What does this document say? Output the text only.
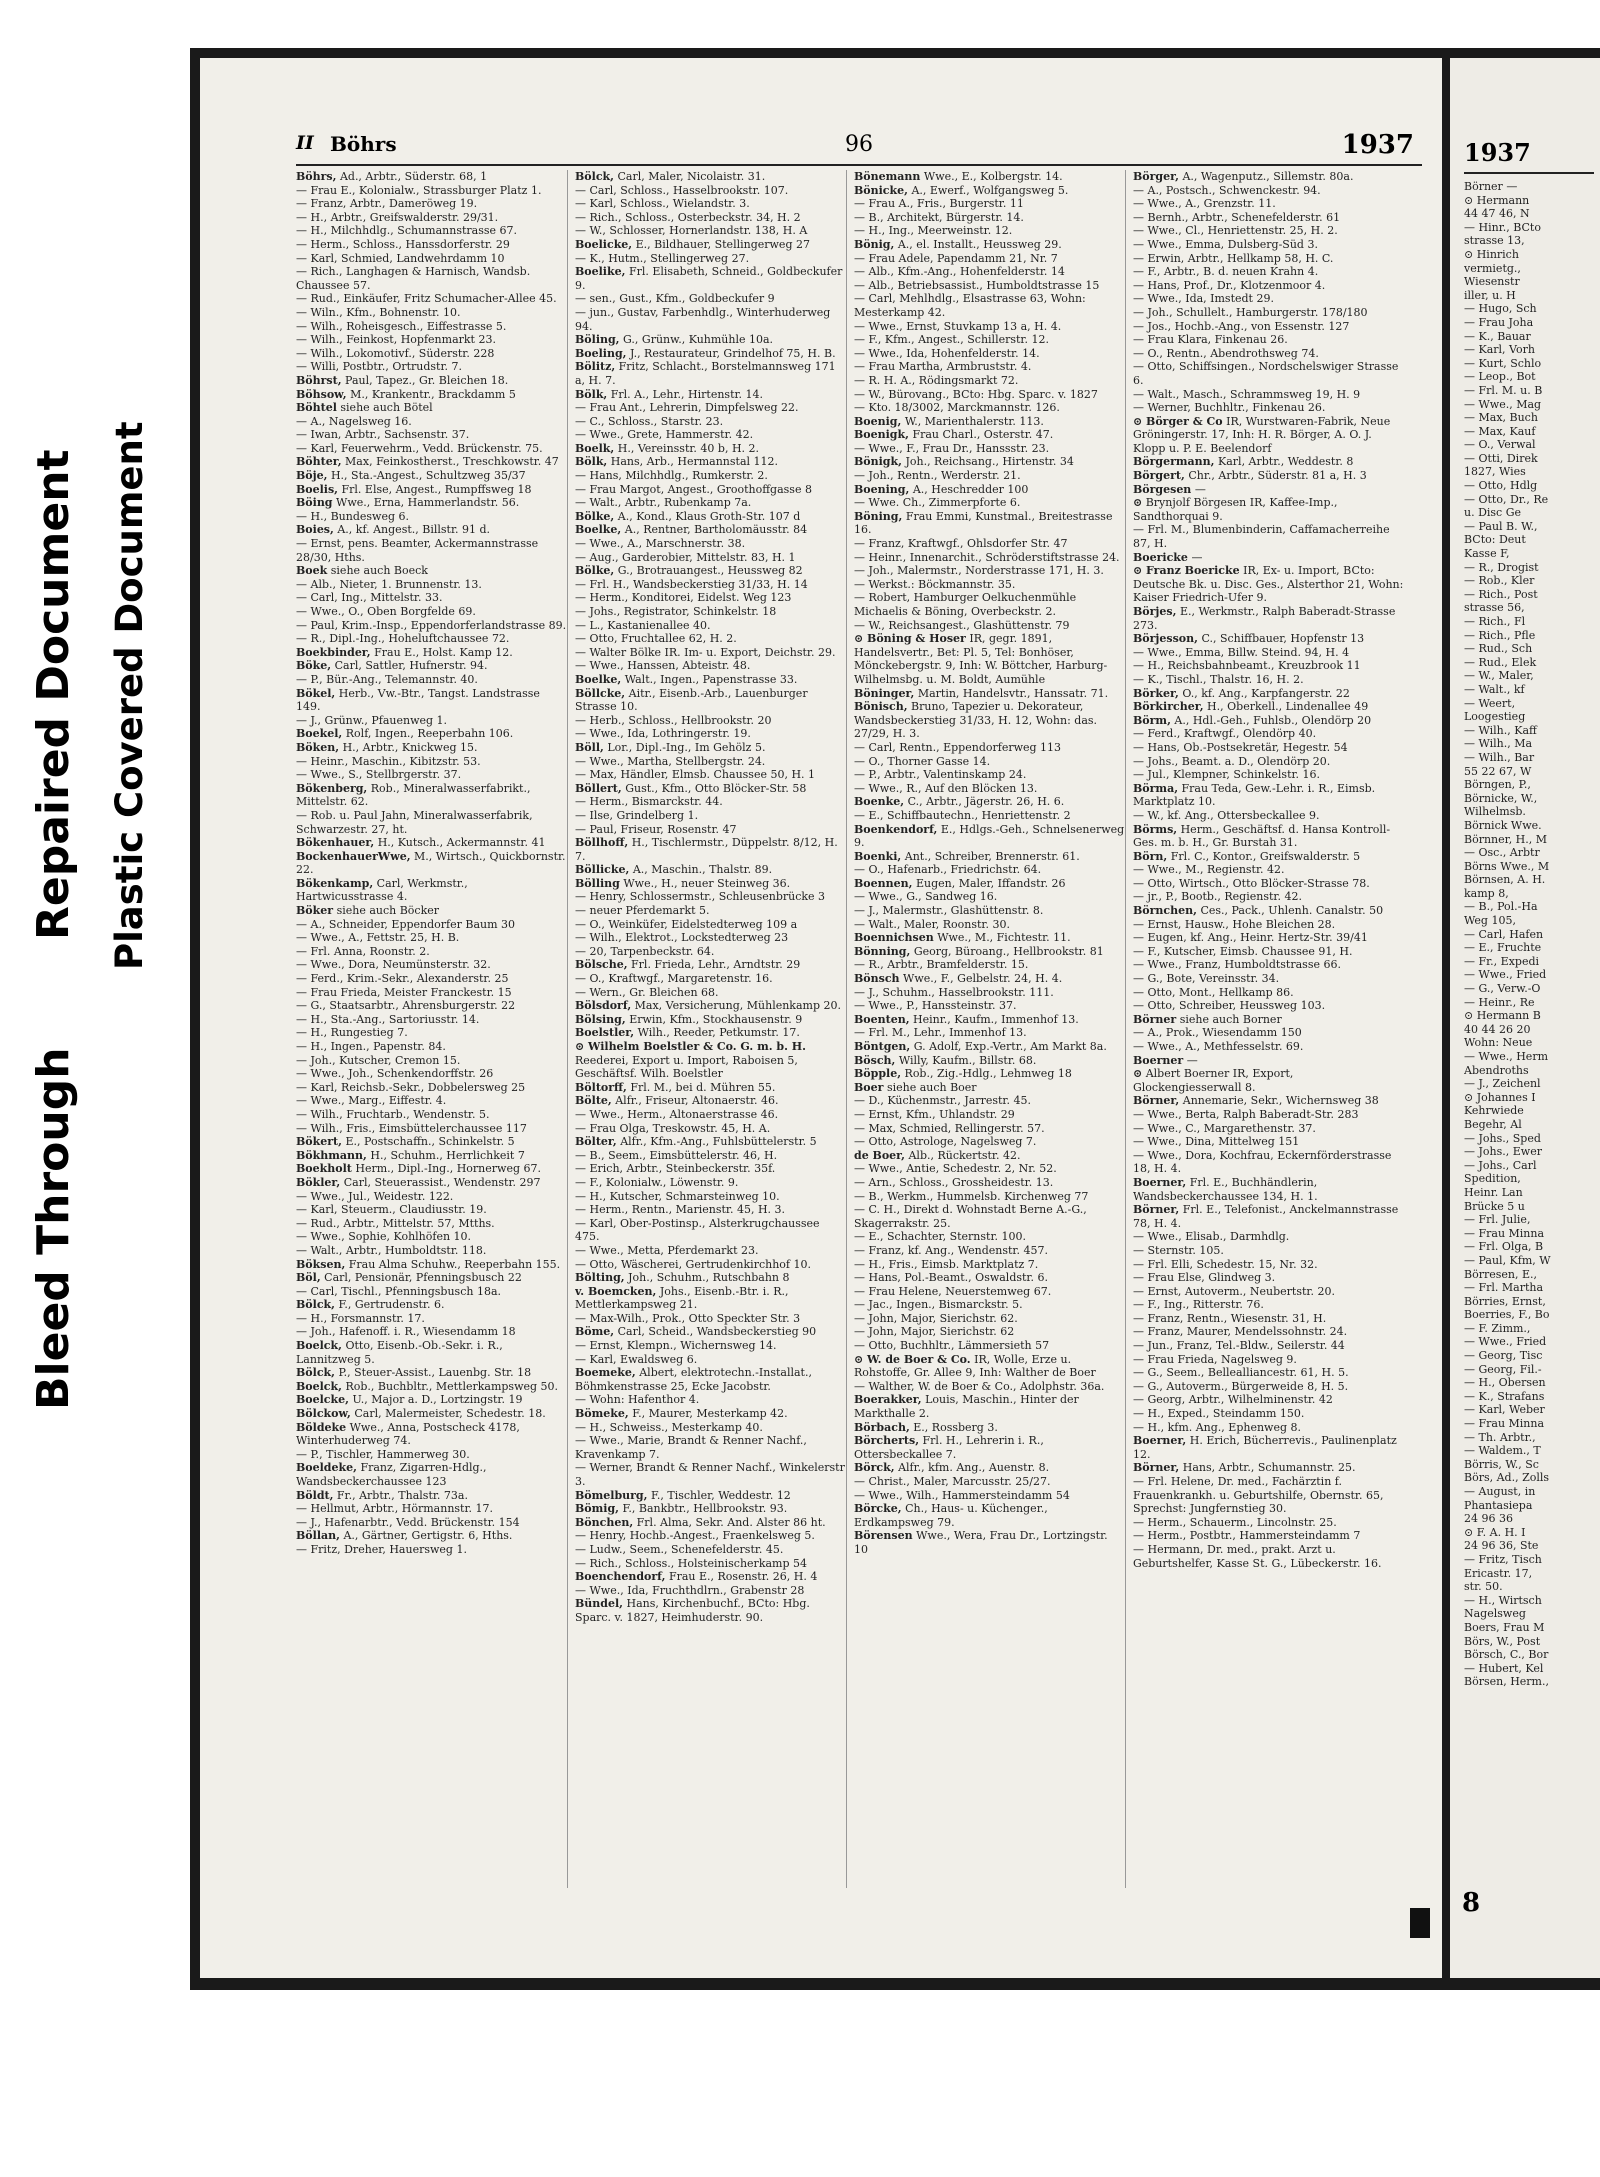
Bleed Through
Repaired Document Plastic Covered Document
II Böhrs	96	1937
Böhrs, Ad., Arbtr., Süderstr. 68, 1
— Frau E., Kolonialw., Strassburger Platz 1.
— Franz, Arbtr., Dameröweg 19.
— H., Arbtr., Greifswalderstr. 29/31.
— H., Milchhdlg., Schumannstrasse 67.
— Herm., Schloss., Hanssdorferstr. 29
— Karl, Schmied, Landwehrdamm 10
— Rich., Langhagen & Harnisch, Wandsb. Chaussee 57.
— Rud., Einkäufer, Fritz Schumacher-Allee 45.
— Wiln., Kfm., Bohnenstr. 10.
— Wilh., Roheisgesch., Eiffestrasse 5.
— Wilh., Feinkost, Hopfenmarkt 23.
— Wilh., Lokomotivf., Süderstr. 228
— Willi, Postbtr., Ortrudstr. 7.
Böhrst, Paul, Tapez., Gr. Bleichen 18.
Böhsow, M., Krankentr., Brackdamm 5
Böhtel siehe auch Bötel
— A., Nagelsweg 16.
— Iwan, Arbtr., Sachsenstr. 37.
— Karl, Feuerwehrm., Vedd. Brückenstr. 75.
Böhter, Max, Feinkostherst., Treschkowstr. 47
Böje, H., Sta.-Angest., Schultzweg 35/37
Boelis, Frl. Else, Angest., Rumpffsweg 18
Böing Wwe., Erna, Hammerlandstr. 56.
— H., Bundesweg 6.
Boies, A., kf. Angest., Billstr. 91 d.
— Ernst, pens. Beamter, Ackermannstrasse 28/30, Hths.
Boek siehe auch Boeck
— Alb., Nieter, 1. Brunnenstr. 13.
— Carl, Ing., Mittelstr. 33.
— Wwe., O., Oben Borgfelde 69.
— Paul, Krim.-Insp., Eppendorferlandstrasse 89.
— R., Dipl.-Ing., Hoheluftchaussee 72.
Boekbinder, Frau E., Holst. Kamp 12.
Böke, Carl, Sattler, Hufnerstr. 94.
— P., Bür.-Ang., Telemannstr. 40.
Bökel, Herb., Vw.-Btr., Tangst. Landstrasse 149.
— J., Grünw., Pfauenweg 1.
Boekel, Rolf, Ingen., Reeperbahn 106.
Böken, H., Arbtr., Knickweg 15.
— Heinr., Maschin., Kibitzstr. 53.
— Wwe., S., Stellbrgerstr. 37.
Bökenberg, Rob., Mineralwasserfabrikt., Mittelstr. 62.
— Rob. u. Paul Jahn, Mineralwasserfabrik, Schwarzestr. 27, ht.
Bökenhauer, H., Kutsch., Ackermannstr. 41
BockenhauerWwe, M., Wirtsch., Quickbornstr. 22.
Bökenkamp, Carl, Werkmstr., Hartwicusstrasse 4.
Böker siehe auch Böcker
— A., Schneider, Eppendorfer Baum 30
— Wwe., A., Fettstr. 25, H. B.
— Frl. Anna, Roonstr. 2.
— Wwe., Dora, Neumünsterstr. 32.
— Ferd., Krim.-Sekr., Alexanderstr. 25
— Frau Frieda, Meister Franckestr. 15
— G., Staatsarbtr., Ahrensburgerstr. 22
— H., Sta.-Ang., Sartoriusstr. 14.
— H., Rungestieg 7.
— H., Ingen., Papenstr. 84.
— Joh., Kutscher, Cremon 15.
— Wwe., Joh., Schenkendorffstr. 26
— Karl, Reichsb.-Sekr., Dobbelersweg 25
— Wwe., Marg., Eiffestr. 4.
— Wilh., Fruchtarb., Wendenstr. 5.
— Wilh., Fris., Eimsbüttelerchaussee 117
Bökert, E., Postschaffn., Schinkelstr. 5
Bökhmann, H., Schuhm., Herrlichkeit 7
Boekholt Herm., Dipl.-Ing., Hornerweg 67.
Bökler, Carl, Steuerassist., Wendenstr. 297
— Wwe., Jul., Weidestr. 122.
— Karl, Steuerm., Claudiusstr. 19.
— Rud., Arbtr., Mittelstr. 57, Mtths.
— Wwe., Sophie, Kohlhöfen 10.
— Walt., Arbtr., Humboldtstr. 118.
Böksen, Frau Alma Schuhw., Reeperbahn 155.
Böl, Carl, Pensionär, Pfenningsbusch 22
— Carl, Tischl., Pfenningsbusch 18a.
Bölck, F., Gertrudenstr. 6.
— H., Forsmannstr. 17.
— Joh., Hafenoff. i. R., Wiesendamm 18
Boelck, Otto, Eisenb.-Ob.-Sekr. i. R., Lannitzweg 5.
Bölck, P., Steuer-Assist., Lauenbg. Str. 18
Boelck, Rob., Buchbltr., Mettlerkampsweg 50.
Boelcke, U., Major a. D., Lortzingstr. 19
Bölckow, Carl, Malermeister, Schedestr. 18.
Böldeke Wwe., Anna, Postscheck 4178, Winterhuderweg 74.
— P., Tischler, Hammerweg 30.
Boeldeke, Franz, Zigarren-Hdlg., Wandsbeckerchaussee 123
Böldt, Fr., Arbtr., Thalstr. 73a.
— Hellmut, Arbtr., Hörmannstr. 17.
— J., Hafenarbtr., Vedd. Brückenstr. 154
Böllan, A., Gärtner, Gertigstr. 6, Hths.
— Fritz, Dreher, Hauersweg 1.
Bölck, Carl, Maler, Nicolaistr. 31.
— Carl, Schloss., Hasselbrookstr. 107.
— Karl, Schloss., Wielandstr. 3.
— Rich., Schloss., Osterbeckstr. 34, H. 2
— W., Schlosser, Hornerlandstr. 138, H. A
Boelicke, E., Bildhauer, Stellingerweg 27
— K., Hutm., Stellingerweg 27.
Boelike, Frl. Elisabeth, Schneid., Goldbeckufer 9.
— sen., Gust., Kfm., Goldbeckufer 9
— jun., Gustav, Farbenhdlg., Winterhuderweg 94.
Böling, G., Grünw., Kuhmühle 10a.
Boeling, J., Restaurateur, Grindelhof 75, H. B.
Bölitz, Fritz, Schlacht., Borstelmannsweg 171 a, H. 7.
Bölk, Frl. A., Lehr., Hirtenstr. 14.
— Frau Ant., Lehrerin, Dimpfelsweg 22.
— C., Schloss., Starstr. 23.
— Wwe., Grete, Hammerstr. 42.
Boelk, H., Vereinsstr. 40 b, H. 2.
Bölk, Hans, Arb., Hermannstal 112.
— Hans, Milchhdlg., Rumkerstr. 2.
— Frau Margot, Angest., Groothoffgasse 8
— Walt., Arbtr., Rubenkamp 7a.
Bölke, A., Kond., Klaus Groth-Str. 107 d
Boelke, A., Rentner, Bartholomäusstr. 84
— Wwe., A., Marschnerstr. 38.
— Aug., Garderobier, Mittelstr. 83, H. 1
Bölke, G., Brotrauangest., Heussweg 82
— Frl. H., Wandsbeckerstieg 31/33, H. 14
— Herm., Konditorei, Eidelst. Weg 123
— Johs., Registrator, Schinkelstr. 18
— L., Kastanienallee 40.
— Otto, Fruchtallee 62, H. 2.
— Walter Bölke IR. Im- u. Export, Deichstr. 29.
— Wwe., Hanssen, Abteistr. 48.
Boelke, Walt., Ingen., Papenstrasse 33.
Böllcke, Aitr., Eisenb.-Arb., Lauenburger Strasse 10.
— Herb., Schloss., Hellbrookstr. 20
— Wwe., Ida, Lothringerstr. 19.
Böll, Lor., Dipl.-Ing., Im Gehölz 5.
— Wwe., Martha, Stellbergstr. 24.
— Max, Händler, Elmsb. Chaussee 50, H. 1
Böllert, Gust., Kfm., Otto Blöcker-Str. 58
— Herm., Bismarckstr. 44.
— Ilse, Grindelberg 1.
— Paul, Friseur, Rosenstr. 47
Böllhoff, H., Tischlermstr., Düppelstr. 8/12, H. 7.
Böllicke, A., Maschin., Thalstr. 89.
Bölling Wwe., H., neuer Steinweg 36.
— Henry, Schlossermstr., Schleusenbrücke 3
— neuer Pferdemarkt 5.
— O., Weinküfer, Eidelstedterweg 109 a
— Wilh., Elektrot., Lockstedterweg 23
— 20, Tarpenbeckstr. 64.
Bölsche, Frl. Frieda, Lehr., Arndtstr. 29
— O., Kraftwgf., Margaretenstr. 16.
— Wern., Gr. Bleichen 68.
Bölsdorf, Max, Versicherung, Mühlenkamp 20.
Bölsing, Erwin, Kfm., Stockhausenstr. 9
Boelstler, Wilh., Reeder, Petkumstr. 17.
⊙ Wilhelm Boelstler & Co. G. m. b. H. Reederei, Export u. Import, Raboisen 5, Geschäftsf. Wilh. Boelstler
Böltorff, Frl. M., bei d. Mühren 55.
Bölte, Alfr., Friseur, Altonaerstr. 46.
— Wwe., Herm., Altonaerstrasse 46.
— Frau Olga, Treskowstr. 45, H. A.
Bölter, Alfr., Kfm.-Ang., Fuhlsbüttelerstr. 5
— B., Seem., Eimsbüttelerstr. 46, H.
— Erich, Arbtr., Steinbeckerstr. 35f.
— F., Kolonialw., Löwenstr. 9.
— H., Kutscher, Schmarsteinweg 10.
— Herm., Rentn., Marienstr. 45, H. 3.
— Karl, Ober-Postinsp., Alsterkrugchaussee 475.
— Wwe., Metta, Pferdemarkt 23.
— Otto, Wäscherei, Gertrudenkirchhof 10.
Bölting, Joh., Schuhm., Rutschbahn 8
v. Boemcken, Johs., Eisenb.-Btr. i. R., Mettlerkampsweg 21.
— Max-Wilh., Prok., Otto Speckter Str. 3
Böme, Carl, Scheid., Wandsbeckerstieg 90
— Ernst, Klempn., Wichernsweg 14.
— Karl, Ewaldsweg 6.
Boemeke, Albert, elektrotechn.-Installat., Böhmkenstrasse 25, Ecke Jacobstr.
— Wohn: Hafenthor 4.
Bömeke, F., Maurer, Mesterkamp 42.
— H., Schweiss., Mesterkamp 40.
— Wwe., Marie, Brandt & Renner Nachf., Kravenkamp 7.
— Werner, Brandt & Renner Nachf., Winkelerstr 3.
Bömelburg, F., Tischler, Weddestr. 12
Bömig, F., Bankbtr., Hellbrookstr. 93.
Bönchen, Frl. Alma, Sekr. And. Alster 86 ht.
— Henry, Hochb.-Angest., Fraenkelsweg 5.
— Ludw., Seem., Schenefelderstr. 45.
— Rich., Schloss., Holsteinischerkamp 54
Boenchendorf, Frau E., Rosenstr. 26, H. 4
— Wwe., Ida, Fruchthdlrn., Grabenstr 28
Bündel, Hans, Kirchenbuchf., BCto: Hbg. Sparc. v. 1827, Heimhuderstr. 90.
Bönemann Wwe., E., Kolbergstr. 14.
Bönicke, A., Ewerf., Wolfgangsweg 5.
— Frau A., Fris., Burgerstr. 11
— B., Architekt, Bürgerstr. 14.
— H., Ing., Meerweinstr. 12.
Bönig, A., el. Installt., Heussweg 29.
— Frau Adele, Papendamm 21, Nr. 7
— Alb., Kfm.-Ang., Hohenfelderstr. 14
— Alb., Betriebsassist., Humboldtstrasse 15
— Carl, Mehlhdlg., Elsastrasse 63, Wohn: Mesterkamp 42.
— Wwe., Ernst, Stuvkamp 13 a, H. 4.
— F., Kfm., Angest., Schillerstr. 12.
— Wwe., Ida, Hohenfelderstr. 14.
— Frau Martha, Armbruststr. 4.
— R. H. A., Rödingsmarkt 72.
— W., Bürovang., BCto: Hbg. Sparc. v. 1827
— Kto. 18/3002, Marckmannstr. 126.
Boenig, W., Marienthalerstr. 113.
Boenigk, Frau Charl., Osterstr. 47.
— Wwe., F., Frau Dr., Hanssstr. 23.
Bönigk, Joh., Reichsang., Hirtenstr. 34
— Joh., Rentn., Werderstr. 21.
Boening, A., Heschredder 100
— Wwe. Ch., Zimmerpforte 6.
Böning, Frau Emmi, Kunstmal., Breitestrasse 16.
— Franz, Kraftwgf., Ohlsdorfer Str. 47
— Heinr., Innenarchit., Schröderstiftstrasse 24.
— Joh., Malermstr., Norderstrasse 171, H. 3.
— Werkst.: Böckmannstr. 35.
— Robert, Hamburger Oelkuchenmühle Michaelis & Böning, Overbeckstr. 2.
— W., Reichsangest., Glashüttenstr. 79
⊙ Böning & Hoser IR, gegr. 1891, Handelsvertr., Bet: Pl. 5, Tel: Bonhöser, Mönckebergstr. 9, Inh: W. Böttcher, Harburg-Wilhelmsbg. u. M. Boldt, Aumühle
Böninger, Martin, Handelsvtr., Hanssatr. 71.
Bönisch, Bruno, Tapezier u. Dekorateur, Wandsbeckerstieg 31/33, H. 12, Wohn: das. 27/29, H. 3.
— Carl, Rentn., Eppendorferweg 113
— O., Thorner Gasse 14.
— P., Arbtr., Valentinskamp 24.
— Wwe., R., Auf den Blöcken 13.
Boenke, C., Arbtr., Jägerstr. 26, H. 6.
— E., Schiffbautechn., Henriettenstr. 2
Boenkendorf, E., Hdlgs.-Geh., Schnelsenerweg 9.
Boenki, Ant., Schreiber, Brennerstr. 61.
— O., Hafenarb., Friedrichstr. 64.
Boennen, Eugen, Maler, Iffandstr. 26
— Wwe., G., Sandweg 16.
— J., Malermstr., Glashüttenstr. 8.
— Walt., Maler, Roonstr. 30.
Boennichsen Wwe., M., Fichtestr. 11.
Bönning, Georg, Büroang., Hellbrookstr. 81
— R., Arbtr., Bramfelderstr. 15.
Bönsch Wwe., F., Gelbelstr. 24, H. 4.
— J., Schuhm., Hasselbrookstr. 111.
— Wwe., P., Hanssteinstr. 37.
Boenten, Heinr., Kaufm., Immenhof 13.
— Frl. M., Lehr., Immenhof 13.
Böntgen, G. Adolf, Exp.-Vertr., Am Markt 8a.
Bösch, Willy, Kaufm., Billstr. 68.
Böpple, Rob., Zig.-Hdlg., Lehmweg 18
Boer siehe auch Boer
— D., Küchenmstr., Jarrestr. 45.
— Ernst, Kfm., Uhlandstr. 29
— Max, Schmied, Rellingerstr. 57.
— Otto, Astrologe, Nagelsweg 7.
de Boer, Alb., Rückertstr. 42.
— Wwe., Antie, Schedestr. 2, Nr. 52.
— Arn., Schloss., Grossheidestr. 13.
— B., Werkm., Hummelsb. Kirchenweg 77
— C. H., Direkt d. Wohnstadt Berne A.-G., Skagerrakstr. 25.
— E., Schachter, Sternstr. 100.
— Franz, kf. Ang., Wendenstr. 457.
— H., Fris., Eimsb. Marktplatz 7.
— Hans, Pol.-Beamt., Oswaldstr. 6.
— Frau Helene, Neuerstemweg 67.
— Jac., Ingen., Bismarckstr. 5.
— John, Major, Sierichstr. 62.
— John, Major, Sierichstr. 62
— Otto, Buchhltr., Lämmersieth 57
⊙ W. de Boer & Co. IR, Wolle, Erze u. Rohstoffe, Gr. Allee 9, Inh: Walther de Boer
— Walther, W. de Boer & Co., Adolphstr. 36a.
Boerakker, Louis, Maschin., Hinter der Markthalle 2.
Börbach, E., Rossberg 3.
Börcherts, Frl. H., Lehrerin i. R., Ottersbeckallee 7.
Börck, Alfr., kfm. Ang., Auenstr. 8.
— Christ., Maler, Marcusstr. 25/27.
— Wwe., Wilh., Hammersteindamm 54
Börcke, Ch., Haus- u. Küchenger., Erdkampsweg 79.
Börensen Wwe., Wera, Frau Dr., Lortzingstr. 10
Börger, A., Wagenputz., Sillemstr. 80a.
— A., Postsch., Schwenckestr. 94.
— Wwe., A., Grenzstr. 11.
— Bernh., Arbtr., Schenefelderstr. 61
— Wwe., Cl., Henriettenstr. 25, H. 2.
— Wwe., Emma, Dulsberg-Süd 3.
— Erwin, Arbtr., Hellkamp 58, H. C.
— F., Arbtr., B. d. neuen Krahn 4.
— Hans, Prof., Dr., Klotzenmoor 4.
— Wwe., Ida, Imstedt 29.
— Joh., Schullelt., Hamburgerstr. 178/180
— Jos., Hochb.-Ang., von Essenstr. 127
— Frau Klara, Finkenau 26.
— O., Rentn., Abendrothsweg 74.
— Otto, Schiffsingen., Nordschelswiger Strasse 6.
— Walt., Masch., Schrammsweg 19, H. 9
— Werner, Buchhltr., Finkenau 26.
⊙ Börger & Co IR, Wurstwaren-Fabrik, Neue Gröningerstr. 17, Inh: H. R. Börger, A. O. J. Klopp u. P. E. Beelendorf
Börgermann, Karl, Arbtr., Weddestr. 8
Börgert, Chr., Arbtr., Süderstr. 81 a, H. 3
Börgesen —
⊙ Brynjolf Börgesen IR, Kaffee-Imp., Sandthorquai 9.
— Frl. M., Blumenbinderin, Caffamacherreihe 87, H.
Boericke —
⊙ Franz Boericke IR, Ex- u. Import, BCto: Deutsche Bk. u. Disc. Ges., Alsterthor 21, Wohn: Kaiser Friedrich-Ufer 9.
Börjes, E., Werkmstr., Ralph Baberadt-Strasse 273.
Börjesson, C., Schiffbauer, Hopfenstr 13
— Wwe., Emma, Billw. Steind. 94, H. 4
— H., Reichsbahnbeamt., Kreuzbrook 11
— K., Tischl., Thalstr. 16, H. 2.
Börker, O., kf. Ang., Karpfangerstr. 22
Börkircher, H., Oberkell., Lindenallee 49
Börm, A., Hdl.-Geh., Fuhlsb., Olendörp 20
— Ferd., Kraftwgf., Olendörp 40.
— Hans, Ob.-Postsekretär, Hegestr. 54
— Johs., Beamt. a. D., Olendörp 20.
— Jul., Klempner, Schinkelstr. 16.
Börma, Frau Teda, Gew.-Lehr. i. R., Eimsb. Marktplatz 10.
— W., kf. Ang., Ottersbeckallee 9.
Börms, Herm., Geschäftsf. d. Hansa Kontroll-Ges. m. b. H., Gr. Burstah 31.
Börn, Frl. C., Kontor., Greifswalderstr. 5
— Wwe., M., Regienstr. 42.
— Otto, Wirtsch., Otto Blöcker-Strasse 78.
— jr., P., Bootb., Regienstr. 42.
Börnchen, Ces., Pack., Uhlenh. Canalstr. 50
— Ernst, Hausw., Hohe Bleichen 28.
— Eugen, kf. Ang., Heinr. Hertz-Str. 39/41
— F., Kutscher, Eimsb. Chaussee 91, H.
— Wwe., Franz, Humboldtstrasse 66.
— G., Bote, Vereinsstr. 34.
— Otto, Mont., Hellkamp 86.
— Otto, Schreiber, Heussweg 103.
Börner siehe auch Borner
— A., Prok., Wiesendamm 150
— Wwe., A., Methfesselstr. 69.
Boerner —
⊙ Albert Boerner IR, Export, Glockengiesserwall 8.
Börner, Annemarie, Sekr., Wichernsweg 38
— Wwe., Berta, Ralph Baberadt-Str. 283
— Wwe., C., Margarethenstr. 37.
— Wwe., Dina, Mittelweg 151
— Wwe., Dora, Kochfrau, Eckernförderstrasse 18, H. 4.
Boerner, Frl. E., Buchhändlerin, Wandsbeckerchaussee 134, H. 1.
Börner, Frl. E., Telefonist., Anckelmannstrasse 78, H. 4.
— Wwe., Elisab., Darmhdlg.
— Sternstr. 105.
— Frl. Elli, Schedestr. 15, Nr. 32.
— Frau Else, Glindweg 3.
— Ernst, Autoverm., Neubertstr. 20.
— F., Ing., Ritterstr. 76.
— Franz, Rentn., Wiesenstr. 31, H.
— Franz, Maurer, Mendelssohnstr. 24.
— Jun., Franz, Tel.-Bldw., Seilerstr. 44
— Frau Frieda, Nagelsweg 9.
— G., Seem., Bellealliancestr. 61, H. 5.
— G., Autoverm., Bürgerweide 8, H. 5.
— Georg, Arbtr., Wilhelminenstr. 42
— H., Exped., Steindamm 150.
— H., kfm. Ang., Ephenweg 8.
Boerner, H. Erich, Bücherrevis., Paulinenplatz 12.
Börner, Hans, Arbtr., Schumannstr. 25.
— Frl. Helene, Dr. med., Fachärztin f. Frauenkrankh. u. Geburtshilfe, Obernstr. 65, Sprechst: Jungfernstieg 30.
— Herm., Schauerm., Lincolnstr. 25.
— Herm., Postbtr., Hammersteindamm 7
— Hermann, Dr. med., prakt. Arzt u. Geburtshelfer, Kasse St. G., Lübeckerstr. 16.
1937
Börner —
⊙ Hermann
44 47 46, N
— Hinr., BCto
strasse 13,
⊙ Hinrich
vermietg.,
Wiesenstr
iller, u. H
— Hugo, Sch
— Frau Joha
— K., Bauar
— Karl, Vorh
— Kurt, Schlo
— Leop., Bot
— Frl. M. u. B
— Wwe., Mag
— Max, Buch
— Max, Kauf
— O., Verwal
— Otti, Direk
1827, Wies
— Otto, Hdlg
— Otto, Dr., Re
u. Disc Ge
— Paul B. W.,
BCto: Deut
Kasse F,
— R., Drogist
— Rob., Kler
— Rich., Post
strasse 56,
— Rich., Fl
— Rich., Pfle
— Rud., Sch
— Rud., Elek
— W., Maler,
— Walt., kf
— Weert,
Loogestieg
— Wilh., Kaff
— Wilh., Ma
— Wilh., Bar
55 22 67, W
Börngen, P.,
Börnicke, W.,
Wilhelmsb.
Börnick Wwe.
Börnner, H., M
— Osc., Arbtr
Börns Wwe., M
Börnsen, A. H.
kamp 8,
— B., Pol.-Ha
Weg 105,
— Carl, Hafen
— E., Fruchte
— Fr., Expedi
— Wwe., Fried
— G., Verw.-O
— Heinr., Re
⊙ Hermann B
40 44 26 20
Wohn: Neue
— Wwe., Herm
Abendroths
— J., Zeichenl
⊙ Johannes I
Kehrwiede
Begehr, Al
— Johs., Sped
— Johs., Ewer
— Johs., Carl
Spedition,
Heinr. Lan
Brücke 5 u
— Frl. Julie,
— Frau Minna
— Frl. Olga, B
— Paul, Kfm, W
Börresen, E.,
— Frl. Martha
Börries, Ernst,
Boerries, F., Bo
— F. Zimm.,
— Wwe., Fried
— Georg, Tisc
— Georg, Fil.-
— H., Obersen
— K., Strafans
— Karl, Weber
— Frau Minna
— Th. Arbtr.,
— Waldem., T
Börris, W., Sc
Börs, Ad., Zolls
— August, in
Phantasiepa
24 96 36
⊙ F. A. H. I
24 96 36, Ste
— Fritz, Tisch
Ericastr. 17,
str. 50.
— H., Wirtsch
Nagelsweg
Boers, Frau M
Börs, W., Post
Börsch, C., Bor
— Hubert, Kel
Börsen, Herm.,
8
